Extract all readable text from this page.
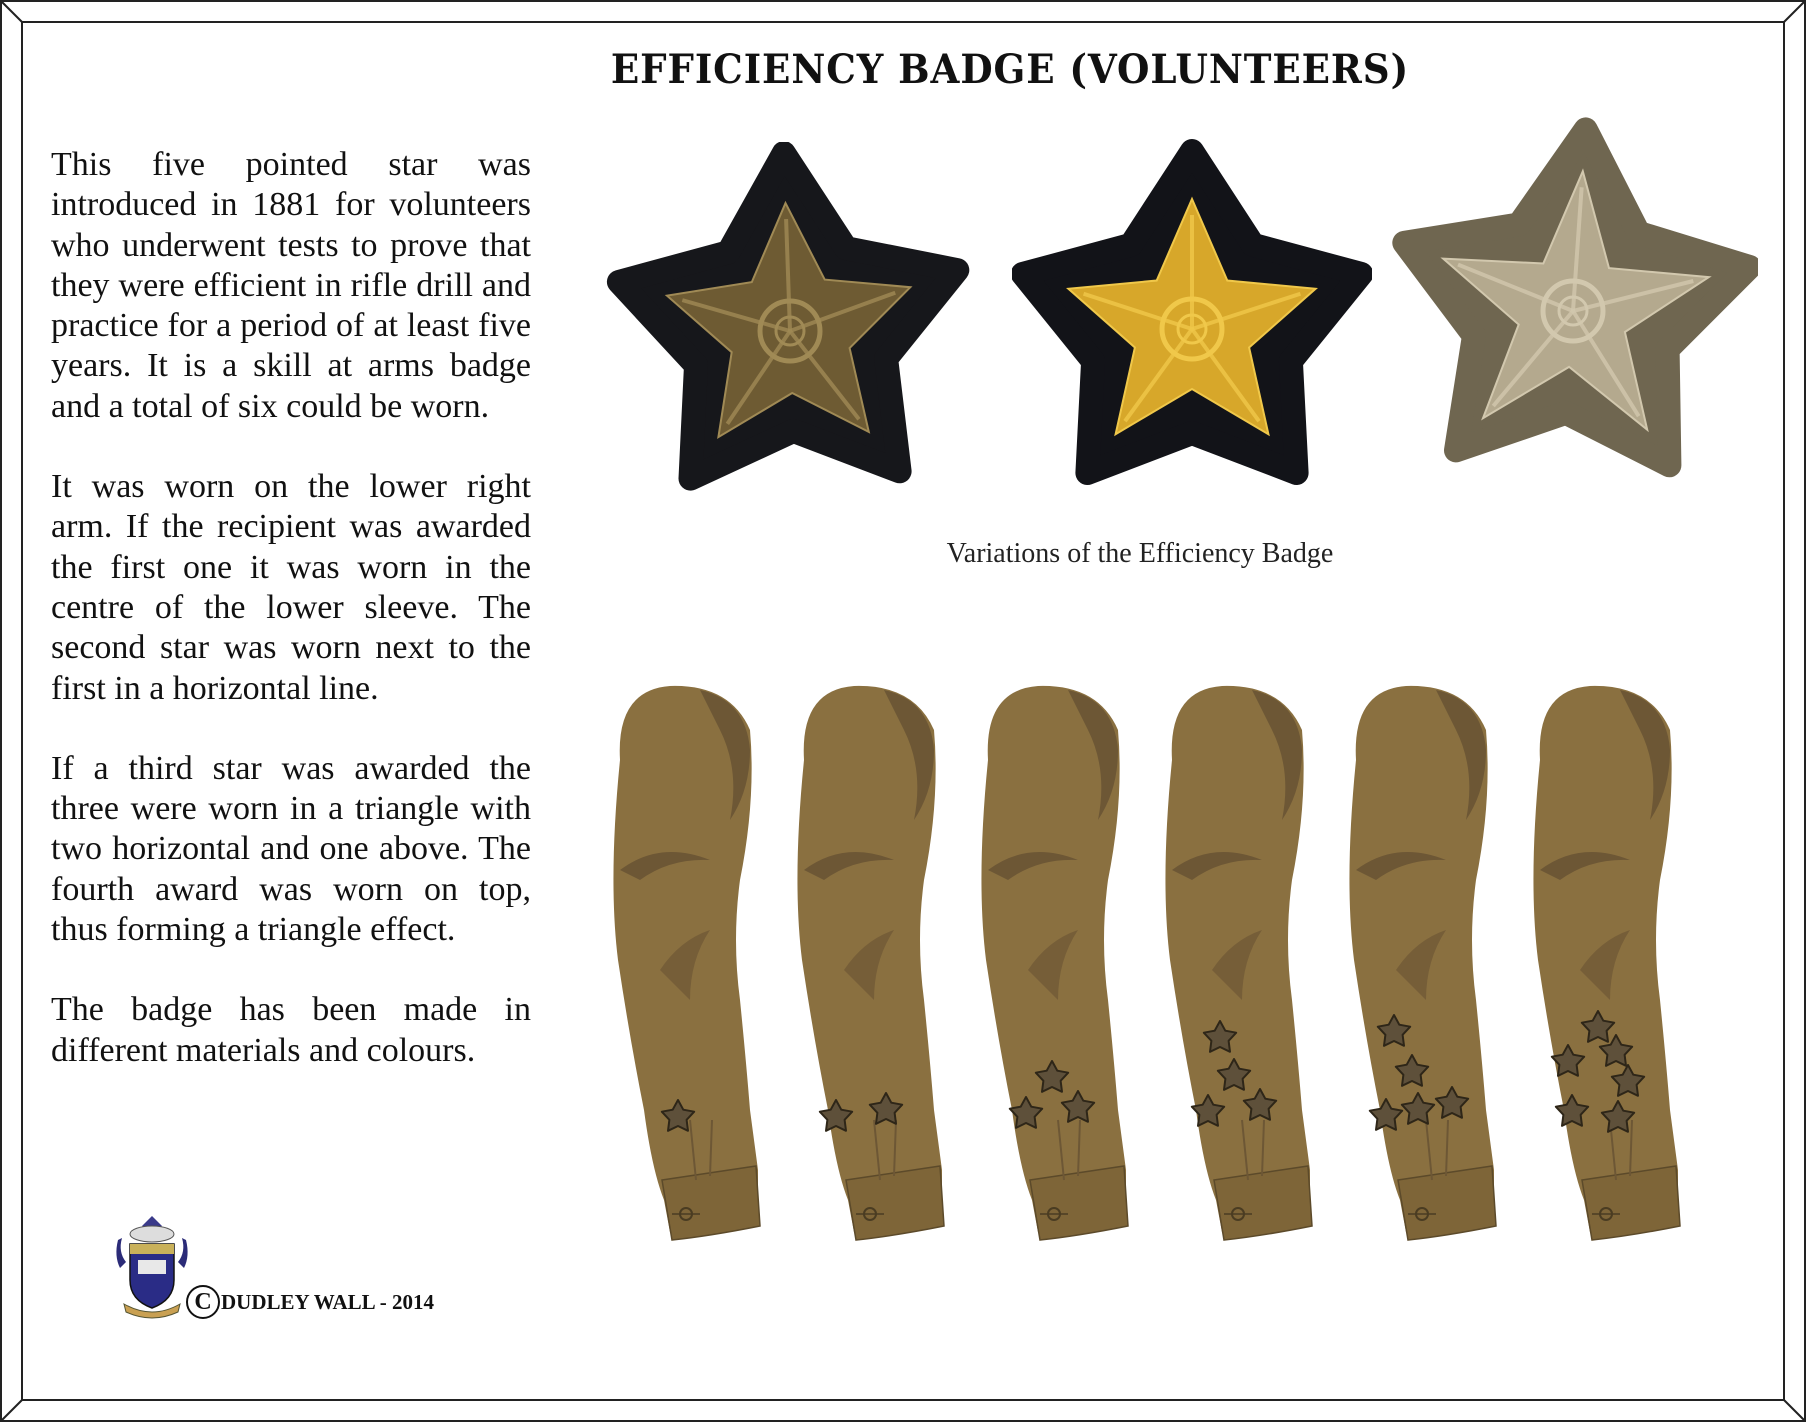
EFFICIENCY BADGE (VOLUNTEERS)

This five pointed star was introduced in 1881 for volunteers who underwent tests to prove that they were efficient in rifle drill and practice for a period of at least five years. It is a skill at arms badge and a total of six could be worn.

It was worn on the lower right arm. If the recipient was awarded the first one it was worn in the centre of the lower sleeve. The second star was worn next to the first in a horizontal line.

If a third star was awarded the three were worn in a triangle with two horizontal and one above. The fourth award was worn on top, thus forming a triangle effect.

The badge has been made in different materials and colours.

Variations of the Efficiency Badge
C DUDLEY WALL - 2014
